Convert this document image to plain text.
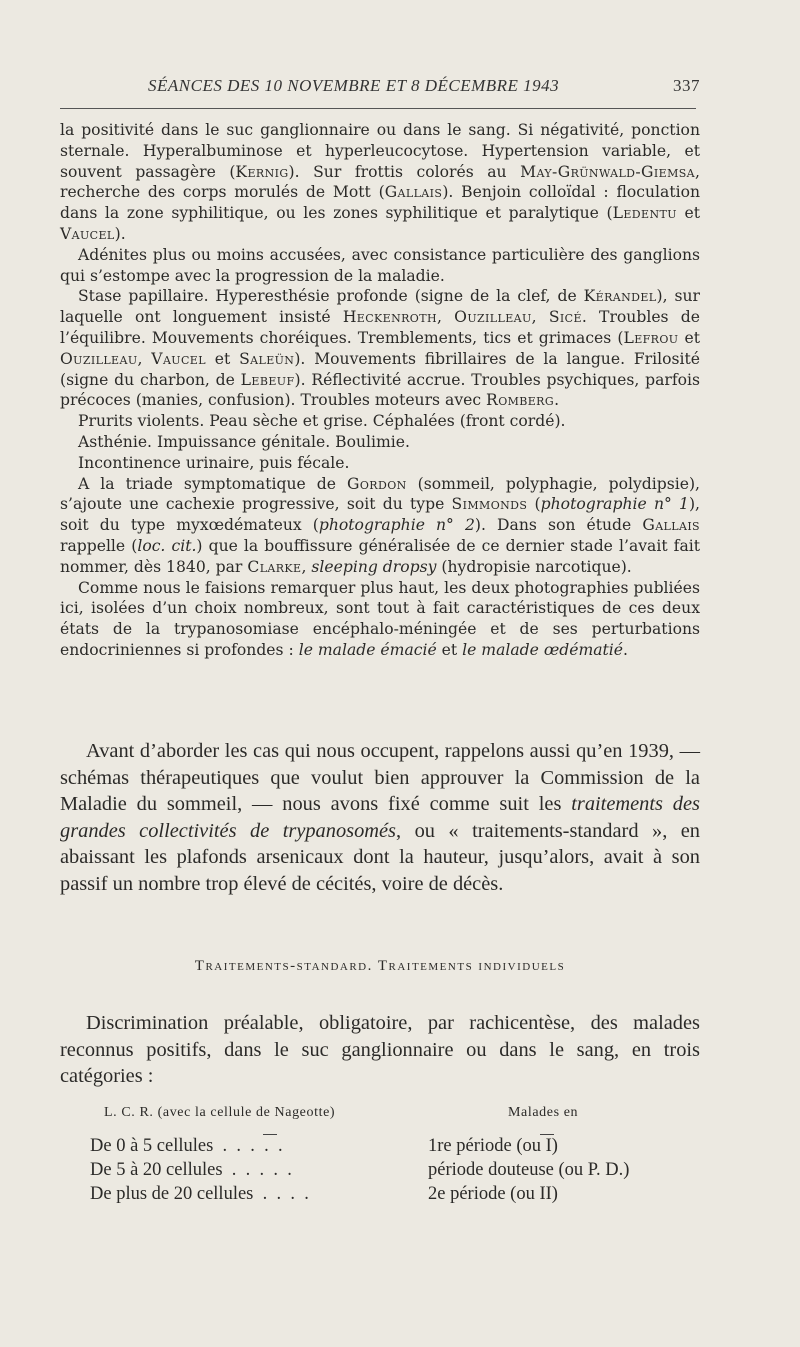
SÉANCES DES 10 NOVEMBRE ET 8 DÉCEMBRE 1943	337

la positivité dans le suc ganglionnaire ou dans le sang. Si négativité, ponction sternale. Hyperalbuminose et hyperleucocytose. Hypertension variable, et souvent passagère (Kernig). Sur frottis colorés au May-Grünwald-Giemsa, recherche des corps morulés de Mott (Gallais). Benjoin colloïdal : floculation dans la zone syphilitique, ou les zones syphilitique et paralytique (Ledentu et Vaucel).

Adénites plus ou moins accusées, avec consistance particulière des ganglions qui s’estompe avec la progression de la maladie.

Stase papillaire. Hyperesthésie profonde (signe de la clef, de Kérandel), sur laquelle ont longuement insisté Heckenroth, Ouzilleau, Sicé. Troubles de l’équilibre. Mouvements choréiques. Tremblements, tics et grimaces (Lefrou et Ouzilleau, Vaucel et Saleün). Mouvements fibrillaires de la langue. Frilosité (signe du charbon, de Lebeuf). Réflectivité accrue. Troubles psychiques, parfois précoces (manies, confusion). Troubles moteurs avec Romberg.

Prurits violents. Peau sèche et grise. Céphalées (front cordé).

Asthénie. Impuissance génitale. Boulimie.

Incontinence urinaire, puis fécale.

A la triade symptomatique de Gordon (sommeil, polyphagie, polydipsie), s’ajoute une cachexie progressive, soit du type Simmonds (photographie n° 1), soit du type myxœdémateux (photographie n° 2). Dans son étude Gallais rappelle (loc. cit.) que la bouffissure généralisée de ce dernier stade l’avait fait nommer, dès 1840, par Clarke, sleeping dropsy (hydropisie narcotique).

Comme nous le faisions remarquer plus haut, les deux photographies publiées ici, isolées d’un choix nombreux, sont tout à fait caractéristiques de ces deux états de la trypanosomiase encéphalo-méningée et de ses perturbations endocriniennes si profondes : le malade émacié et le malade œdématié.

Avant d’aborder les cas qui nous occupent, rappelons aussi qu’en 1939, — schémas thérapeutiques que voulut bien approuver la Commission de la Maladie du sommeil, — nous avons fixé comme suit les traitements des grandes collectivités de trypanosomés, ou « traitements-standard », en abaissant les plafonds arsenicaux dont la hauteur, jusqu’alors, avait à son passif un nombre trop élevé de cécités, voire de décès.

Traitements-standard. Traitements individuels

Discrimination préalable, obligatoire, par rachicentèse, des malades reconnus positifs, dans le suc ganglionnaire ou dans le sang, en trois catégories :

L. C. R. (avec la cellule de Nageotte)	Malades en
De 0 à 5 cellules  .  .  .  .  .	1re période (ou I)
De 5 à 20 cellules  .  .  .  .  .	période douteuse (ou P. D.)
De plus de 20 cellules  .  .  .  .	2e période (ou II)
